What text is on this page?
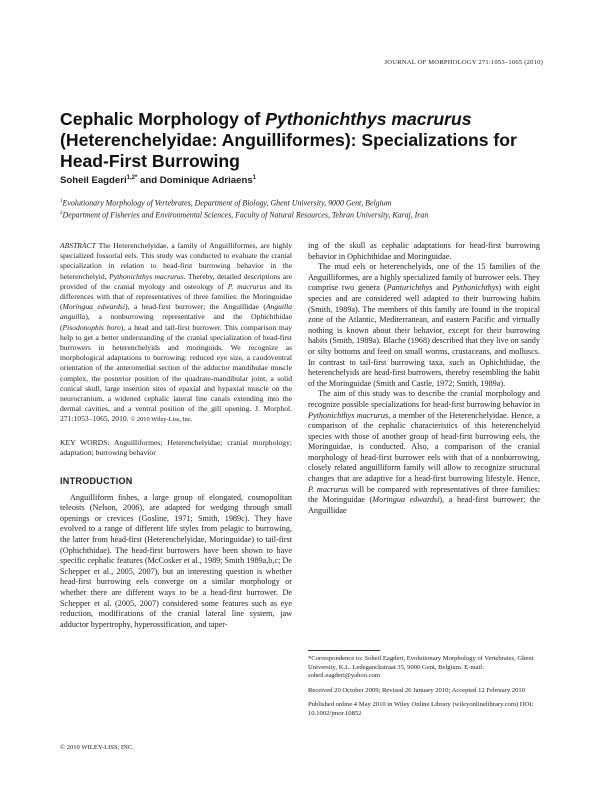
JOURNAL OF MORPHOLOGY 271:1053–1065 (2010)
Cephalic Morphology of Pythonichthys macrurus (Heterenchelyidae: Anguilliformes): Specializations for Head-First Burrowing
Soheil Eagderi$^{1,2*}$ and Dominique Adriaens$^1$
$^1$Evolutionary Morphology of Vertebrates, Department of Biology, Ghent University, 9000 Gent, Belgium
$^2$Department of Fisheries and Environmental Sciences, Faculty of Natural Resources, Tehran University, Karaj, Iran

ABSTRACT The Heterenchelyidae, a family of Anguilliformes, are highly specialized fossorial eels. This study was conducted to evaluate the cranial specialization in relation to head-first burrowing behavior in the heterenchelyid, Pythonichthys macrurus. Thereby, detailed descriptions are provided of the cranial myology and osteology of P. macrurus and its differences with that of representatives of three families: the Moringuidae (Moringua edwardsi), a head-first burrower; the Anguillidae (Anguilla anguilla), a nonburrowing representative and the Ophichthidae (Pisodonophis boro), a head and tail-first burrower. This comparison may help to get a better understanding of the cranial specialization of head-first burrowers in heterenchelyids and moringuids. We recognize as morphological adaptations to burrowing: reduced eye size, a caudoventral orientation of the anteromedial section of the adductor mandibulae muscle complex, the posterior position of the quadrate-mandibular joint, a solid conical skull, large insertion sites of epaxial and hypaxial muscle on the neurocranium, a widened cephalic lateral line canals extending into the dermal cavities, and a ventral position of the gill opening. J. Morphol. 271:1053–1065, 2010. © 2010 Wiley-Liss, Inc.

KEY WORDS: Anguilliformes; Heterenchelyidae; cranial morphology; adaptation; burrowing behavior

INTRODUCTION

Anguilliform fishes, a large group of elongated, cosmopolitan teleosts (Nelson, 2006), are adapted for wedging through small openings or crevices (Gosline, 1971; Smith, 1989c). They have evolved to a range of different life styles from pelagic to burrowing, the latter from head-first (Heterenchelyidae, Moringuidae) to tail-first (Ophichthidae). The head-first burrowers have been shown to have specific cephalic features (McCosker et al., 1989; Smith 1989a,b,c; De Schepper et al., 2005, 2007), but an interesting question is whether head-first burrowing eels converge on a similar morphology or whether there are different ways to be a head-first burrower. De Schepper et al. (2005, 2007) considered some features such as eye reduction, modifications of the cranial lateral line system, jaw adductor hypertrophy, hyperossification, and taper-

ing of the skull as cephalic adaptations for head-first burrowing behavior in Ophichthidae and Moringuidae.

The mud eels or heterenchelyids, one of the 15 families of the Anguilliformes, are a highly specialized family of burrower eels. They comprise two genera (Panturichthys and Pythonichthys) with eight species and are considered well adapted to their burrowing habits (Smith, 1989a). The members of this family are found in the tropical zone of the Atlantic, Mediterranean, and eastern Pacific and virtually nothing is known about their behavior, except for their burrowing habits (Smith, 1989a). Blache (1968) described that they live on sandy or silty bottoms and feed on small worms, crustaceans, and molluscs. In contrast to tail-first burrowing taxa, such as Ophichthidae, the heterenchelyids are head-first burrowers, thereby resembling the habit of the Moringuidae (Smith and Castle, 1972; Smith, 1989a).

The aim of this study was to describe the cranial morphology and recognize possible specializations for head-first burrowing behavior in Pythonichthys macrurus, a member of the Heterenchelyidae. Hence, a comparison of the cephalic characteristics of this heterenchelyid species with those of another group of head-first burrowing eels, the Moringuidae, is conducted. Also, a comparison of the cranial morphology of head-first burrower eels with that of a nonburrowing, closely related anguilliform family will allow to recognize structural changes that are adaptive for a head-first burrowing lifestyle. Hence, P. macrurus will be compared with representatives of three families: the Moringuidae (Moringua edwardsi), a head-first burrower; the Anguillidae

*Correspondence to: Soheil Eagderi, Evolutionary Morphology of Vertebrates, Ghent University, K.L. Ledeganckstraat 35, 9000 Gent, Belgium. E-mail: soheil.eagderi@yahoo.com

Received 20 October 2009; Revised 26 January 2010; Accepted 12 February 2010

Published online 4 May 2010 in Wiley Online Library (wileyonlinelibrary.com) DOI: 10.1002/jmor.10852

© 2010 WILEY-LISS, INC.
